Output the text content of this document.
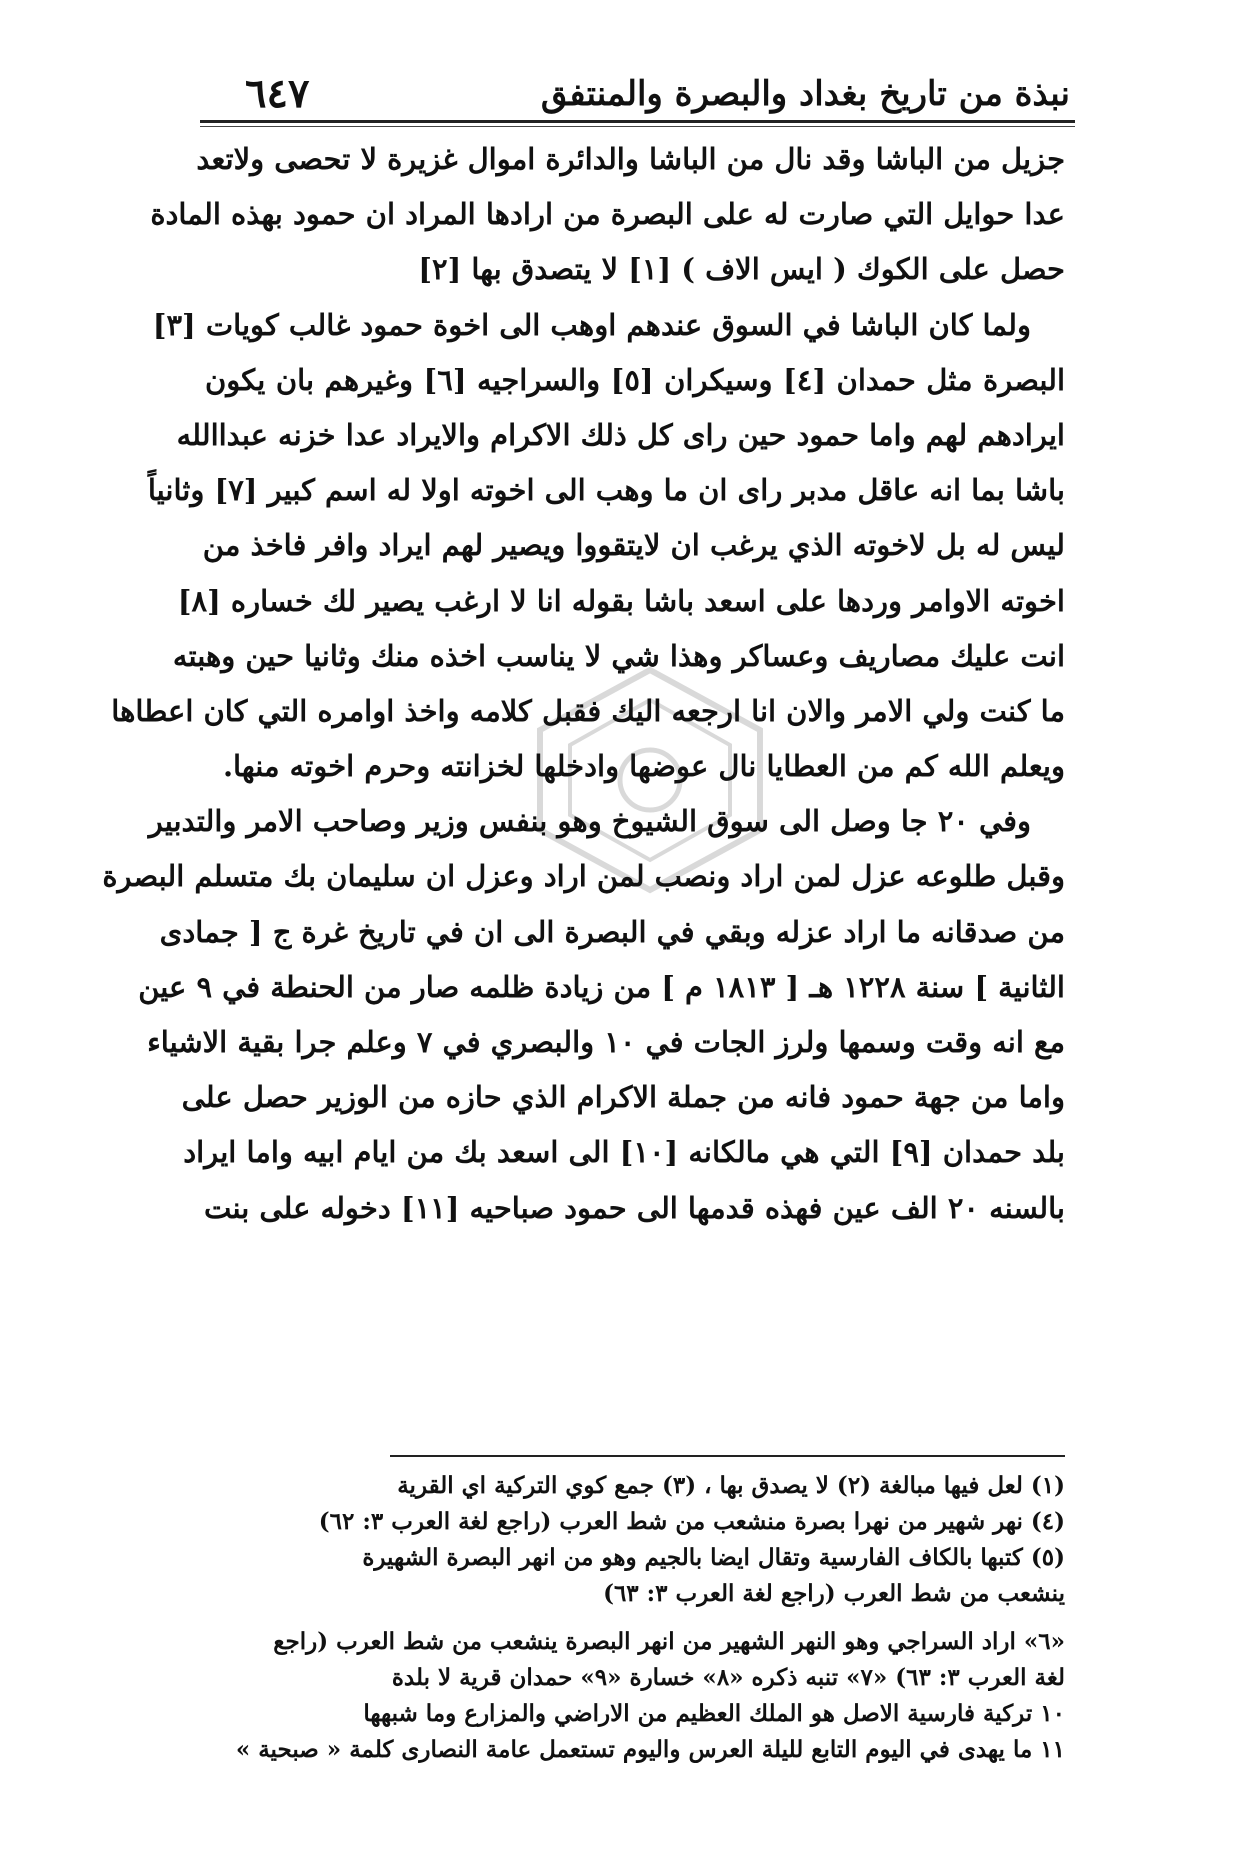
نبذة من تاريخ بغداد والبصرة والمنتفق
٦٤٧
جزيل من الباشا وقد نال من الباشا والدائرة اموال غزيرة لا تحصى ولاتعد
عدا حوايل التي صارت له على البصرة من ارادها المراد ان حمود بهذه المادة
حصل على الكوك ( ايس الاف ) [١] لا يتصدق بها [٢]
ولما كان الباشا في السوق عندهم اوهب الى اخوة حمود غالب كويات [٣]
البصرة مثل حمدان [٤] وسيكران [٥] والسراجيه [٦] وغيرهم بان يكون
ايرادهم لهم واما حمود حين راى كل ذلك الاكرام والايراد عدا خزنه عبداالله
باشا بما انه عاقل مدبر راى ان ما وهب الى اخوته اولا له اسم كبير [٧] وثانياً
ليس له بل لاخوته الذي يرغب ان لايتقووا ويصير لهم ايراد وافر فاخذ من
اخوته الاوامر وردها على اسعد باشا بقوله انا لا ارغب يصير لك خساره [٨]
انت عليك مصاريف وعساكر وهذا شي لا يناسب اخذه منك وثانيا حين وهبته
ما كنت ولي الامر والان انا ارجعه اليك فقبل كلامه واخذ اوامره التي كان اعطاها
ويعلم الله كم من العطايا نال عوضها وادخلها لخزانته وحرم اخوته منها.
وفي ٢٠ جا وصل الى سوق الشيوخ وهو بنفس وزير وصاحب الامر والتدبير
وقبل طلوعه عزل لمن اراد ونصب لمن اراد وعزل ان سليمان بك متسلم البصرة
من صدقانه ما اراد عزله وبقي في البصرة الى ان في تاريخ غرة ج [ جمادى
الثانية ] سنة ١٢٢٨ هـ [ ١٨١٣ م ] من زيادة ظلمه صار من الحنطة في ٩ عين
مع انه وقت وسمها ولرز الجات في ١٠ والبصري في ٧ وعلم جرا بقية الاشياء
واما من جهة حمود فانه من جملة الاكرام الذي حازه من الوزير حصل على
بلد حمدان [٩] التي هي مالكانه [١٠] الى اسعد بك من ايام ابيه واما ايراد
بالسنه ٢٠ الف عين فهذه قدمها الى حمود صباحيه [١١] دخوله على بنت
(١) لعل فيها مبالغة (٢) لا يصدق بها ، (٣) جمع كوي التركية اي القرية
(٤) نهر شهير من نهرا بصرة منشعب من شط العرب (راجع لغة العرب ٣: ٦٢)
(٥) كتبها بالكاف الفارسية وتقال ايضا بالجيم وهو من انهر البصرة الشهيرة
ينشعب من شط العرب (راجع لغة العرب ٣: ٦٣)
«٦» اراد السراجي وهو النهر الشهير من انهر البصرة ينشعب من شط العرب (راجع
لغة العرب ٣: ٦٣) «٧» تنبه ذكره «٨» خسارة «٩» حمدان قرية لا بلدة
١٠ تركية فارسية الاصل هو الملك العظيم من الاراضي والمزارع وما شبهها
١١ ما يهدى في اليوم التابع لليلة العرس واليوم تستعمل عامة النصارى كلمة « صبحية »
